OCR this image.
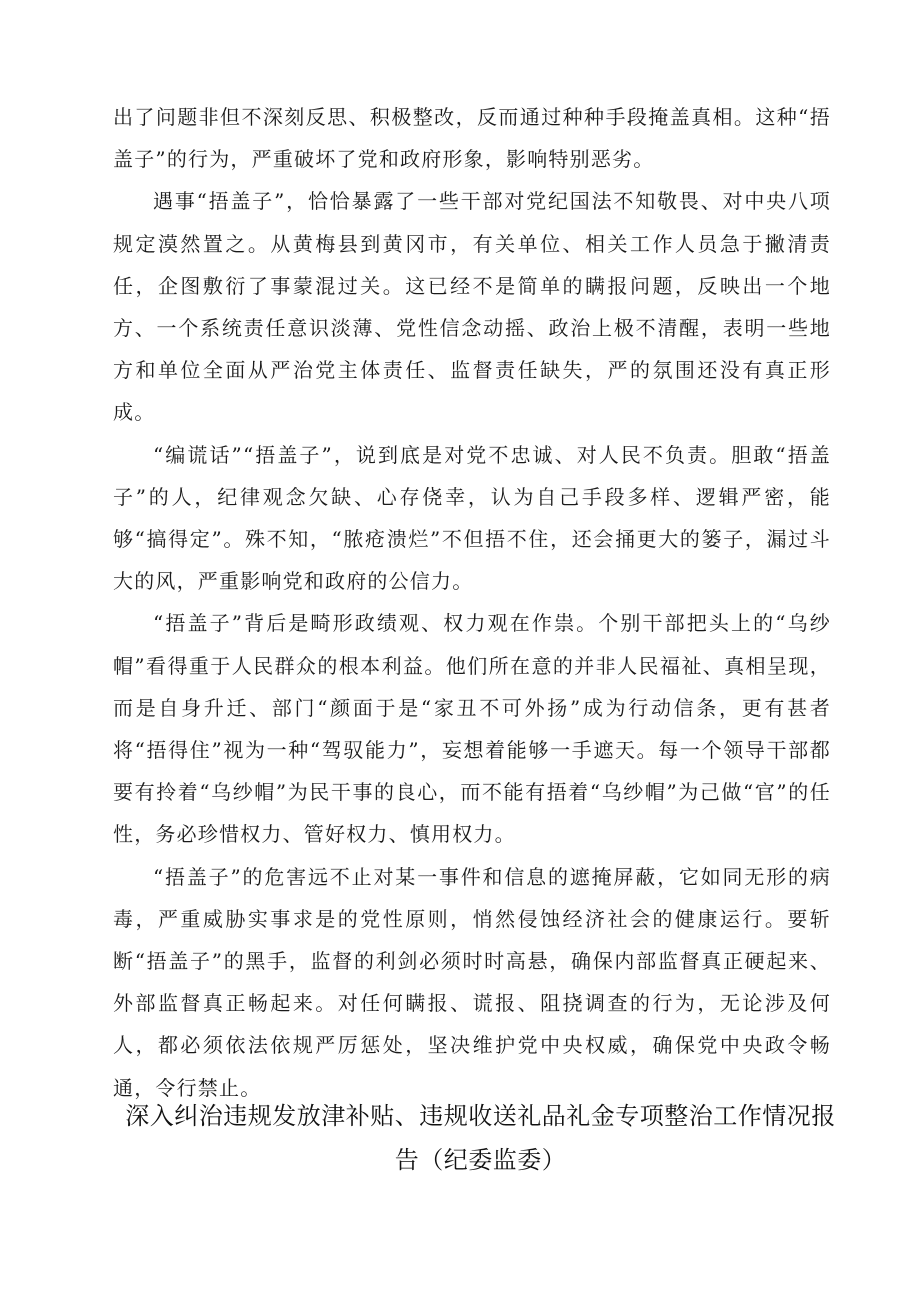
出了问题非但不深刻反思、积极整改，反而通过种种手段掩盖真相。这种“捂盖子”的行为，严重破坏了党和政府形象，影响特别恶劣。

遇事“捂盖子”，恰恰暴露了一些干部对党纪国法不知敬畏、对中央八项规定漠然置之。从黄梅县到黄冈市，有关单位、相关工作人员急于撇清责任，企图敷衍了事蒙混过关。这已经不是简单的瞒报问题，反映出一个地方、一个系统责任意识淡薄、党性信念动摇、政治上极不清醒，表明一些地方和单位全面从严治党主体责任、监督责任缺失，严的氛围还没有真正形成。

“编谎话”“捂盖子”，说到底是对党不忠诚、对人民不负责。胆敢“捂盖子”的人，纪律观念欠缺、心存侥幸，认为自己手段多样、逻辑严密，能够“搞得定”。殊不知，“脓疮溃烂”不但捂不住，还会捅更大的篓子，漏过斗大的风，严重影响党和政府的公信力。

“捂盖子”背后是畸形政绩观、权力观在作祟。个别干部把头上的“乌纱帽”看得重于人民群众的根本利益。他们所在意的并非人民福祉、真相呈现，而是自身升迁、部门“颜面于是“家丑不可外扬”成为行动信条，更有甚者将“捂得住”视为一种“驾驭能力”，妄想着能够一手遮天。每一个领导干部都要有拎着“乌纱帽”为民干事的良心，而不能有捂着“乌纱帽”为己做“官”的任性，务必珍惜权力、管好权力、慎用权力。

“捂盖子”的危害远不止对某一事件和信息的遮掩屏蔽，它如同无形的病毒，严重威胁实事求是的党性原则，悄然侵蚀经济社会的健康运行。要斩断“捂盖子”的黑手，监督的利剑必须时时高悬，确保内部监督真正硬起来、外部监督真正畅起来。对任何瞒报、谎报、阻挠调查的行为，无论涉及何人，都必须依法依规严厉惩处，坚决维护党中央权威，确保党中央政令畅通，令行禁止。

深入纠治违规发放津补贴、违规收送礼品礼金专项整治工作情况报
告（纪委监委）
